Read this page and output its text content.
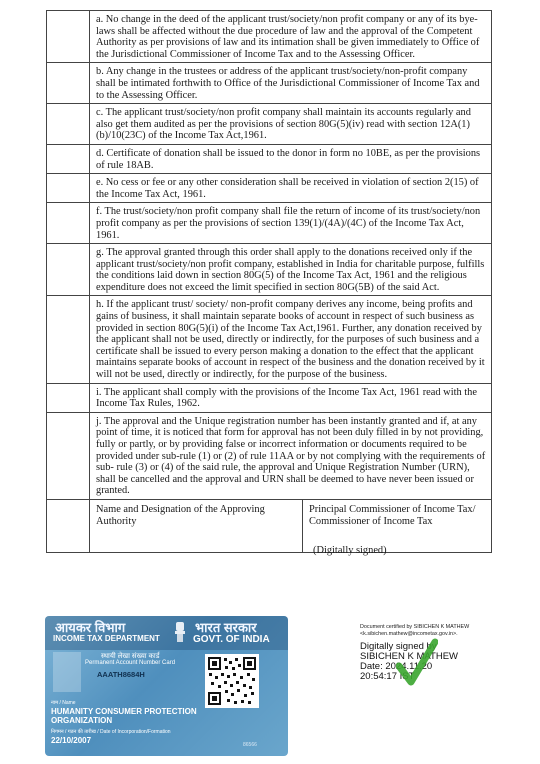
a. No change in the deed of the applicant trust/society/non profit company or any of its bye-laws shall be affected without the due procedure of law and the approval of the Competent Authority as per provisions of law and its intimation shall be given immediately to Office of the Jurisdictional Commissioner of Income Tax and to the Assessing Officer.
b. Any change in the trustees or address of the applicant trust/society/non-profit company shall be intimated forthwith to Office of the Jurisdictional Commissioner of Income Tax and to the Assessing Officer.
c. The applicant trust/society/non profit company shall maintain its accounts regularly and also get them audited as per the provisions of section 80G(5)(iv) read with section 12A(1)(b)/10(23C) of the Income Tax Act,1961.
d. Certificate of donation shall be issued to the donor in form no 10BE, as per the provisions of rule 18AB.
e. No cess or fee or any other consideration shall be received in violation of section 2(15) of the Income Tax Act, 1961.
f. The trust/society/non profit company shall file the return of income of its trust/society/non profit company as per the provisions of section 139(1)/(4A)/(4C) of the Income Tax Act, 1961.
g. The approval granted through this order shall apply to the donations received only if the applicant trust/society/non profit company, established in India for charitable purpose, fulfills the conditions laid down in section 80G(5) of the Income Tax Act, 1961 and the religious expenditure does not exceed the limit specified in section 80G(5B) of the said Act.
h. If the applicant trust/ society/ non-profit company derives any income, being profits and gains of business, it shall maintain separate books of account in respect of such business as provided in section 80G(5)(i) of the Income Tax Act,1961. Further, any donation received by the applicant shall not be used, directly or indirectly, for the purposes of such business and a certificate shall be issued to every person making a donation to the effect that the applicant maintains separate books of account in respect of the business and the donation received by it will not be used, directly or indirectly, for the purpose of the business.
i. The applicant shall comply with the provisions of the Income Tax Act, 1961 read with the Income Tax Rules, 1962.
j. The approval and the Unique registration number has been instantly granted and if, at any point of time, it is noticed that form for approval has not been duly filled in by not providing, fully or partly, or by providing false or incorrect information or documents required to be provided under sub-rule (1) or (2) of rule 11AA or by not complying with the requirements of sub- rule (3) or (4) of the said rule, the approval and Unique Registration Number (URN), shall be cancelled and the approval and URN shall be deemed to have never been issued or granted.
Name and Designation of the Approving Authority
Principal Commissioner of Income Tax/ Commissioner of Income Tax
(Digitally signed)
आयकर विभाग
INCOME TAX DEPARTMENT
भारत सरकार
GOVT. OF INDIA
स्थायी लेखा संख्या कार्ड
Permanent Account Number Card
AAATH8684H
नाम / Name
HUMANITY CONSUMER PROTECTION ORGANIZATION
निगमन / गठन की तारीख / Date of Incorporation/Formation
22/10/2007	86566
Document certified by SIBICHEN K MATHEW
<k.sibichen.mathew@incometax.gov.in>.
Digitally signed by
SIBICHEN K MATHEW
Date: 2024.11.20
20:54:17 IST
